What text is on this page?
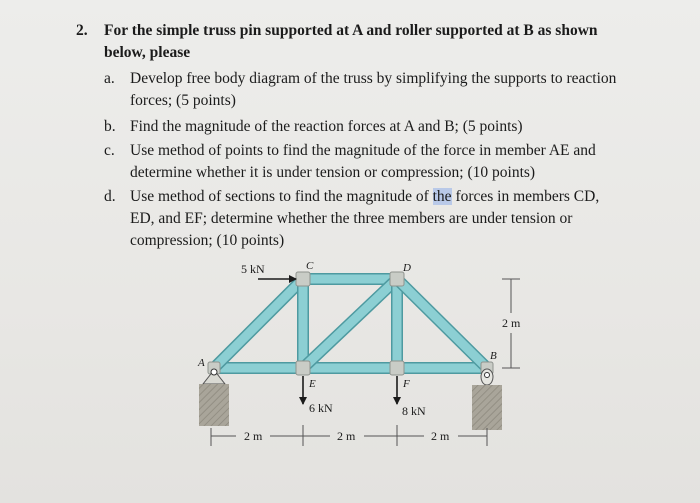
2. For the simple truss pin supported at A and roller supported at B as shown
below, please
a. Develop free body diagram of the truss by simplifying the supports to reaction
forces; (5 points)
b. Find the magnitude of the reaction forces at A and B; (5 points)
c. Use method of points to find the magnitude of the force in member AE and
determine whether it is under tension or compression; (10 points)
d. Use method of sections to find the magnitude of the forces in members CD,
ED, and EF; determine whether the three members are under tension or
compression; (10 points)
5 kN
6 kN	8 kN
2 m	2 m	2 m
2 m
A
B
C	D
E	F
